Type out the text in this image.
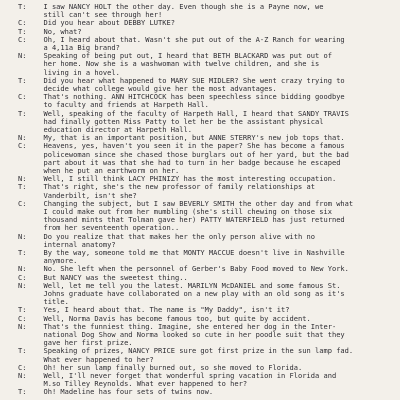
T:    I saw NANCY HOLT the other day. Even though she is a Payne now, we
still can't see through her!
C:    Did you hear about DEBBY LUTKE?
T:    No, what?
C:    Oh, I heard about that. Wasn't she put out of the A-Z Ranch for wearing
a 4,11a Big brand?
N:    Speaking of being put out, I heard that BETH BLACKARD was put out of
her home. Now she is a washwoman with twelve children, and she is
living in a hovel.
T:    Did you hear what happened to MARY SUE MIDLER? She went crazy trying to
decide what college would give her the most advantages.
C:    That's nothing. ANN HITCHCOCK has been speechless since bidding goodbye
to faculty and friends at Harpeth Hall.
T:    Well, speaking of the faculty of Harpeth Hall, I heard that SANDY TRAVIS
had finally gotten Miss Patty to let her be the assistant physical
education director at Harpeth Hall.
N:    My, that is an important position, but ANNE STERRY's new job tops that.
C:    Heavens, yes, haven't you seen it in the paper? She has become a famous
policewoman since she chased those burglars out of her yard, but the bad
part about it was that she had to turn in her badge because he escaped
when he put an earthworm on her.
N:    Well, I still think LACY PHINIZY has the most interesting occupation.
T:    That's right, she's the new professor of family relationships at
Vanderbilt, isn't she?
C:    Changing the subject, but I saw BEVERLY SMITH the other day and from what
I could make out from her mumbling (she's still chewing on those six
thousand mints that Tolman gave her) PATTY WATERFIELD has just returned
from her seventeenth operation..
N:    Do you realize that that makes her the only person alive with no
internal anatomy?
T:    By the way, someone told me that MONTY MACCUE doesn't live in Nashville
anymore.
N:    No. She left when the personnel of Gerber's Baby Food moved to New York.
C:    But NANCY was the sweetest thing..
N:    Well, let me tell you the latest. MARILYN McDANIEL and some famous St.
Johns graduate have collaborated on a new play with an old song as it's
title.
T:    Yes, I heard about that. The name is "My Daddy", isn't it?
C:    Well, Norma Davis has become famous too, but quite by accident.
N:    That's the funniest thing. Imagine, she entered her dog in the Inter-
national Dog Show and Norma looked so cute in her poodle suit that they
gave her first prize.
T:    Speaking of prizes, NANCY PRICE sure got first prize in the sun lamp fad.
What ever happened to her?
C:    Oh! her sun lamp finally burned out, so she moved to Florida.
N:    Well, I'll never forget that wonderful spring vacation in Florida and
M.so Tilley Reynolds. What ever happened to her?
T:    Oh! Madeline has four sets of twins now.
